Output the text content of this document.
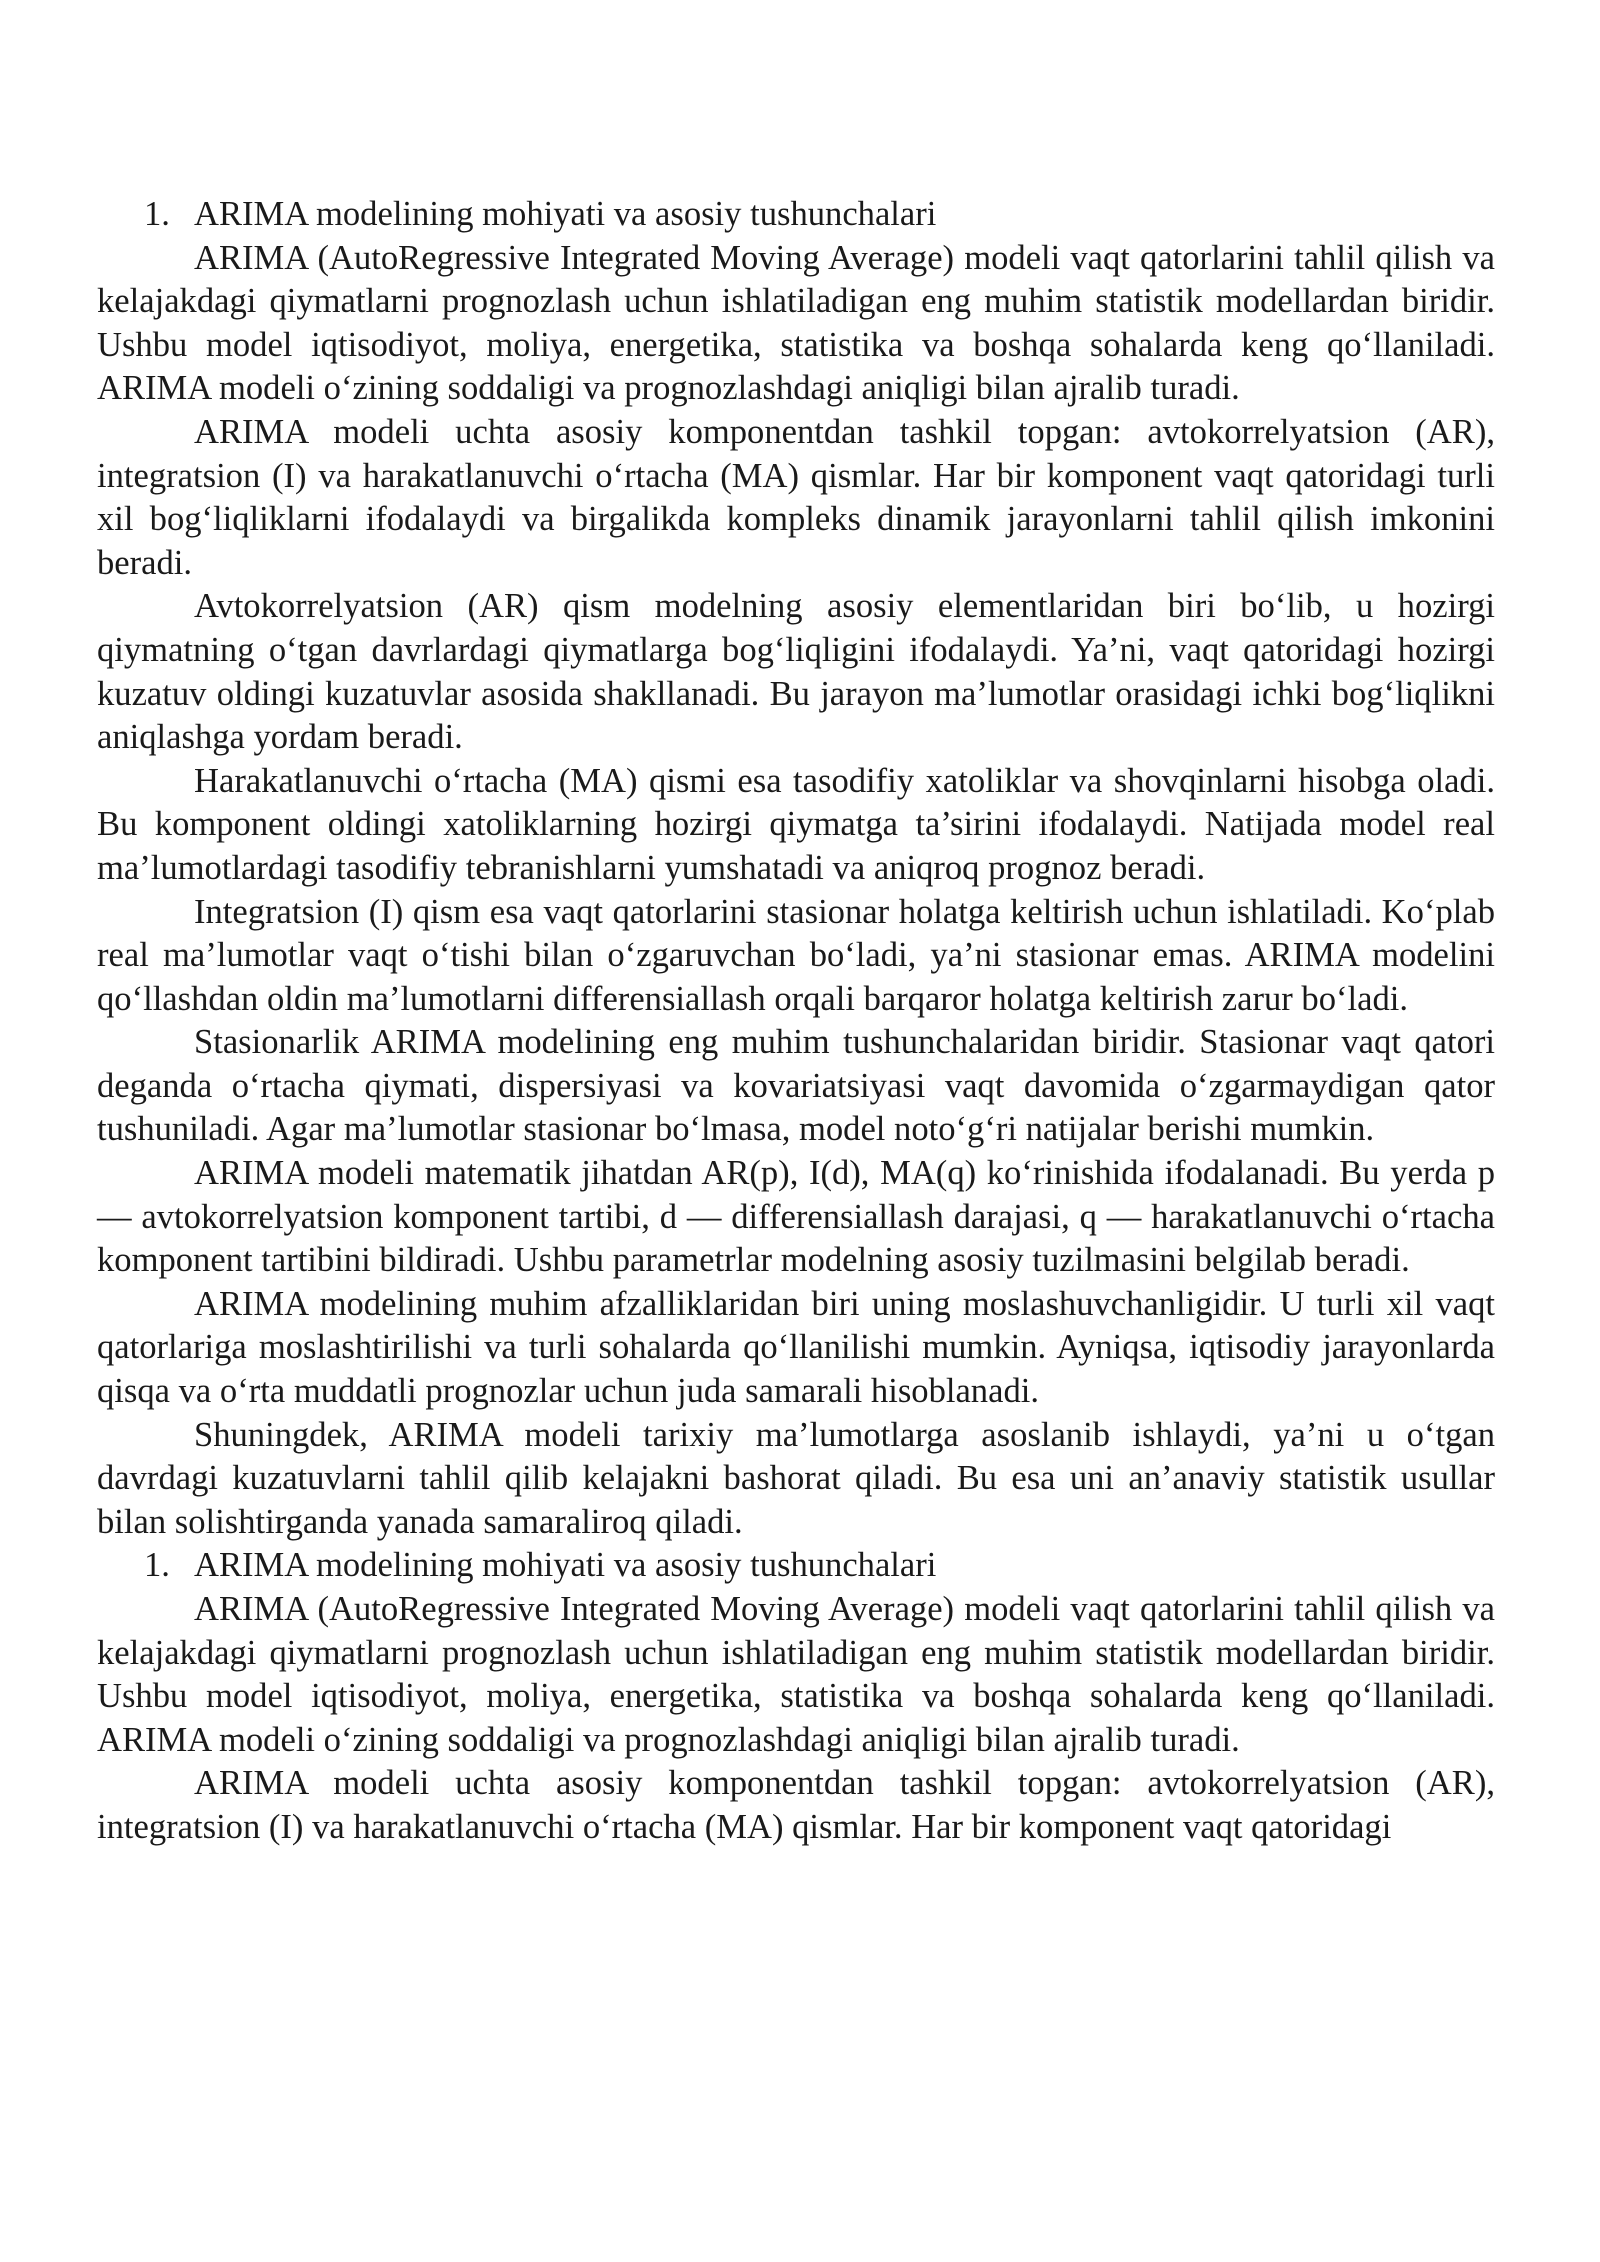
1. ARIMA modelining mohiyati va asosiy tushunchalari

ARIMA (AutoRegressive Integrated Moving Average) modeli vaqt qatorlarini tahlil qilish va kelajakdagi qiymatlarni prognozlash uchun ishlatiladigan eng muhim statistik modellardan biridir. Ushbu model iqtisodiyot, moliya, energetika, statistika va boshqa sohalarda keng qo‘llaniladi. ARIMA modeli o‘zining soddaligi va prognozlashdagi aniqligi bilan ajralib turadi.

ARIMA modeli uchta asosiy komponentdan tashkil topgan: avtokorrelyatsion (AR), integratsion (I) va harakatlanuvchi o‘rtacha (MA) qismlar. Har bir komponent vaqt qatoridagi turli xil bog‘liqliklarni ifodalaydi va birgalikda kompleks dinamik jarayonlarni tahlil qilish imkonini beradi.

Avtokorrelyatsion (AR) qism modelning asosiy elementlaridan biri bo‘lib, u hozirgi qiymatning o‘tgan davrlardagi qiymatlarga bog‘liqligini ifodalaydi. Ya’ni, vaqt qatoridagi hozirgi kuzatuv oldingi kuzatuvlar asosida shakllanadi. Bu jarayon ma’lumotlar orasidagi ichki bog‘liqlikni aniqlashga yordam beradi.

Harakatlanuvchi o‘rtacha (MA) qismi esa tasodifiy xatoliklar va shovqinlarni hisobga oladi. Bu komponent oldingi xatoliklarning hozirgi qiymatga ta’sirini ifodalaydi. Natijada model real ma’lumotlardagi tasodifiy tebranishlarni yumshatadi va aniqroq prognoz beradi.

Integratsion (I) qism esa vaqt qatorlarini stasionar holatga keltirish uchun ishlatiladi. Ko‘plab real ma’lumotlar vaqt o‘tishi bilan o‘zgaruvchan bo‘ladi, ya’ni stasionar emas. ARIMA modelini qo‘llashdan oldin ma’lumotlarni differensiallash orqali barqaror holatga keltirish zarur bo‘ladi.

Stasionarlik ARIMA modelining eng muhim tushunchalaridan biridir. Stasionar vaqt qatori deganda o‘rtacha qiymati, dispersiyasi va kovariatsiyasi vaqt davomida o‘zgarmaydigan qator tushuniladi. Agar ma’lumotlar stasionar bo‘lmasa, model noto‘g‘ri natijalar berishi mumkin.

ARIMA modeli matematik jihatdan AR(p), I(d), MA(q) ko‘rinishida ifodalanadi. Bu yerda p — avtokorrelyatsion komponent tartibi, d — differensiallash darajasi, q — harakatlanuvchi o‘rtacha komponent tartibini bildiradi. Ushbu parametrlar modelning asosiy tuzilmasini belgilab beradi.

ARIMA modelining muhim afzalliklaridan biri uning moslashuvchanligidir. U turli xil vaqt qatorlariga moslashtirilishi va turli sohalarda qo‘llanilishi mumkin. Ayniqsa, iqtisodiy jarayonlarda qisqa va o‘rta muddatli prognozlar uchun juda samarali hisoblanadi.

Shuningdek, ARIMA modeli tarixiy ma’lumotlarga asoslanib ishlaydi, ya’ni u o‘tgan davrdagi kuzatuvlarni tahlil qilib kelajakni bashorat qiladi. Bu esa uni an’anaviy statistik usullar bilan solishtirganda yanada samaraliroq qiladi.

1. ARIMA modelining mohiyati va asosiy tushunchalari

ARIMA (AutoRegressive Integrated Moving Average) modeli vaqt qatorlarini tahlil qilish va kelajakdagi qiymatlarni prognozlash uchun ishlatiladigan eng muhim statistik modellardan biridir. Ushbu model iqtisodiyot, moliya, energetika, statistika va boshqa sohalarda keng qo‘llaniladi. ARIMA modeli o‘zining soddaligi va prognozlashdagi aniqligi bilan ajralib turadi.

ARIMA modeli uchta asosiy komponentdan tashkil topgan: avtokorrelyatsion (AR), integratsion (I) va harakatlanuvchi o‘rtacha (MA) qismlar. Har bir komponent vaqt qatoridagi
